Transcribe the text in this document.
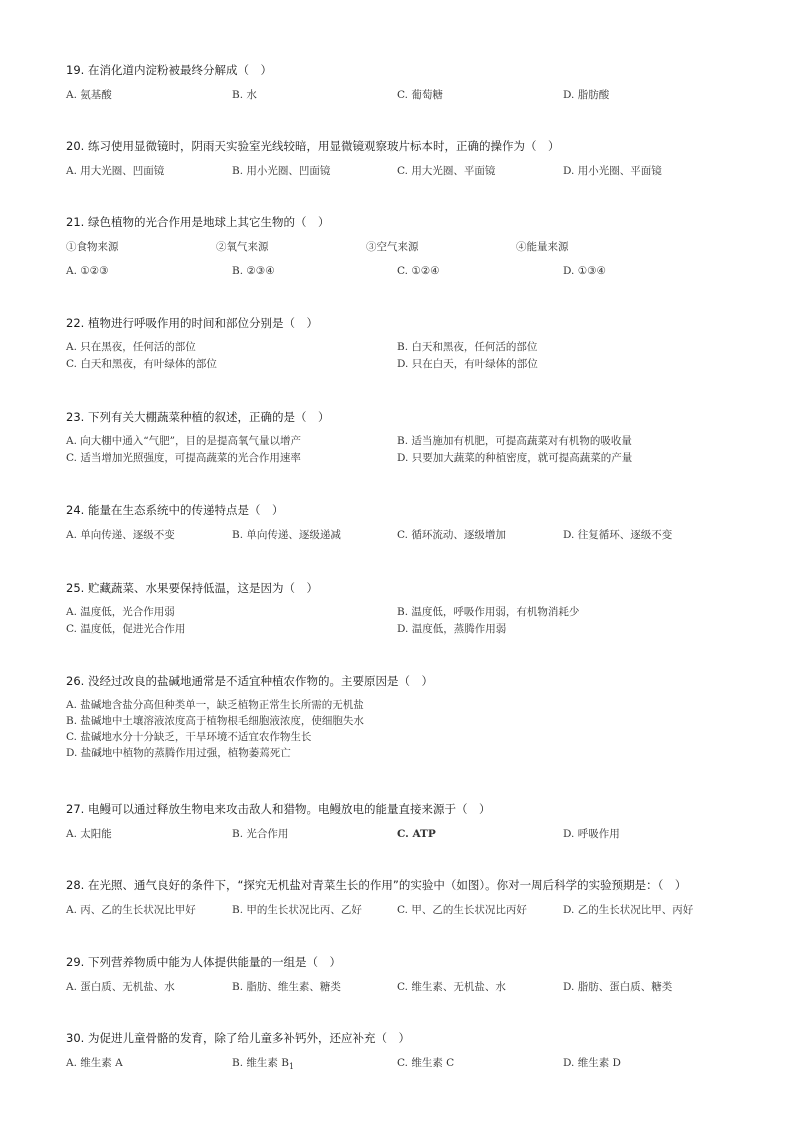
19. 在消化道内淀粉被最终分解成（　）
A. 氨基酸	B. 水	C. 葡萄糖	D. 脂肪酸
20. 练习使用显微镜时，阴雨天实验室光线较暗，用显微镜观察玻片标本时，正确的操作为（　）
A. 用大光圈、凹面镜	B. 用小光圈、凹面镜	C. 用大光圈、平面镜	D. 用小光圈、平面镜
21. 绿色植物的光合作用是地球上其它生物的（　）
①食物来源	②氧气来源	③空气来源	④能量来源
A. ①②③	B. ②③④	C. ①②④	D. ①③④
22. 植物进行呼吸作用的时间和部位分别是（　）
A. 只在黑夜，任何活的部位	B. 白天和黑夜，任何活的部位
C. 白天和黑夜，有叶绿体的部位	D. 只在白天，有叶绿体的部位
23. 下列有关大棚蔬菜种植的叙述，正确的是（　）
A. 向大棚中通入“气肥”，目的是提高氧气量以增产	B. 适当施加有机肥，可提高蔬菜对有机物的吸收量
C. 适当增加光照强度，可提高蔬菜的光合作用速率	D. 只要加大蔬菜的种植密度，就可提高蔬菜的产量
24. 能量在生态系统中的传递特点是（　）
A. 单向传递、逐级不变	B. 单向传递、逐级递减	C. 循环流动、逐级增加	D. 往复循环、逐级不变
25. 贮藏蔬菜、水果要保持低温，这是因为（　）
A. 温度低，光合作用弱	B. 温度低，呼吸作用弱，有机物消耗少
C. 温度低，促进光合作用	D. 温度低，蒸腾作用弱
26. 没经过改良的盐碱地通常是不适宜种植农作物的。主要原因是（　）
A. 盐碱地含盐分高但种类单一，缺乏植物正常生长所需的无机盐
B. 盐碱地中土壤溶液浓度高于植物根毛细胞液浓度，使细胞失水
C. 盐碱地水分十分缺乏，干旱环境不适宜农作物生长
D. 盐碱地中植物的蒸腾作用过强，植物萎蔫死亡
27. 电鳗可以通过释放生物电来攻击敌人和猎物。电鳗放电的能量直接来源于（　）
A. 太阳能	B. 光合作用	C. ATP	D. 呼吸作用
28. 在光照、通气良好的条件下，“探究无机盐对青菜生长的作用”的实验中（如图）。你对一周后科学的实验预期是：（　）
A. 丙、乙的生长状况比甲好	B. 甲的生长状况比丙、乙好	C. 甲、乙的生长状况比丙好	D. 乙的生长状况比甲、丙好
29. 下列营养物质中能为人体提供能量的一组是（　）
A. 蛋白质、无机盐、水	B. 脂肪、维生素、糖类	C. 维生素、无机盐、水	D. 脂肪、蛋白质、糖类
30. 为促进儿童骨骼的发育，除了给儿童多补钙外，还应补充（　）
A. 维生素 A	B. 维生素 $B_1$	C. 维生素 C	D. 维生素 D
